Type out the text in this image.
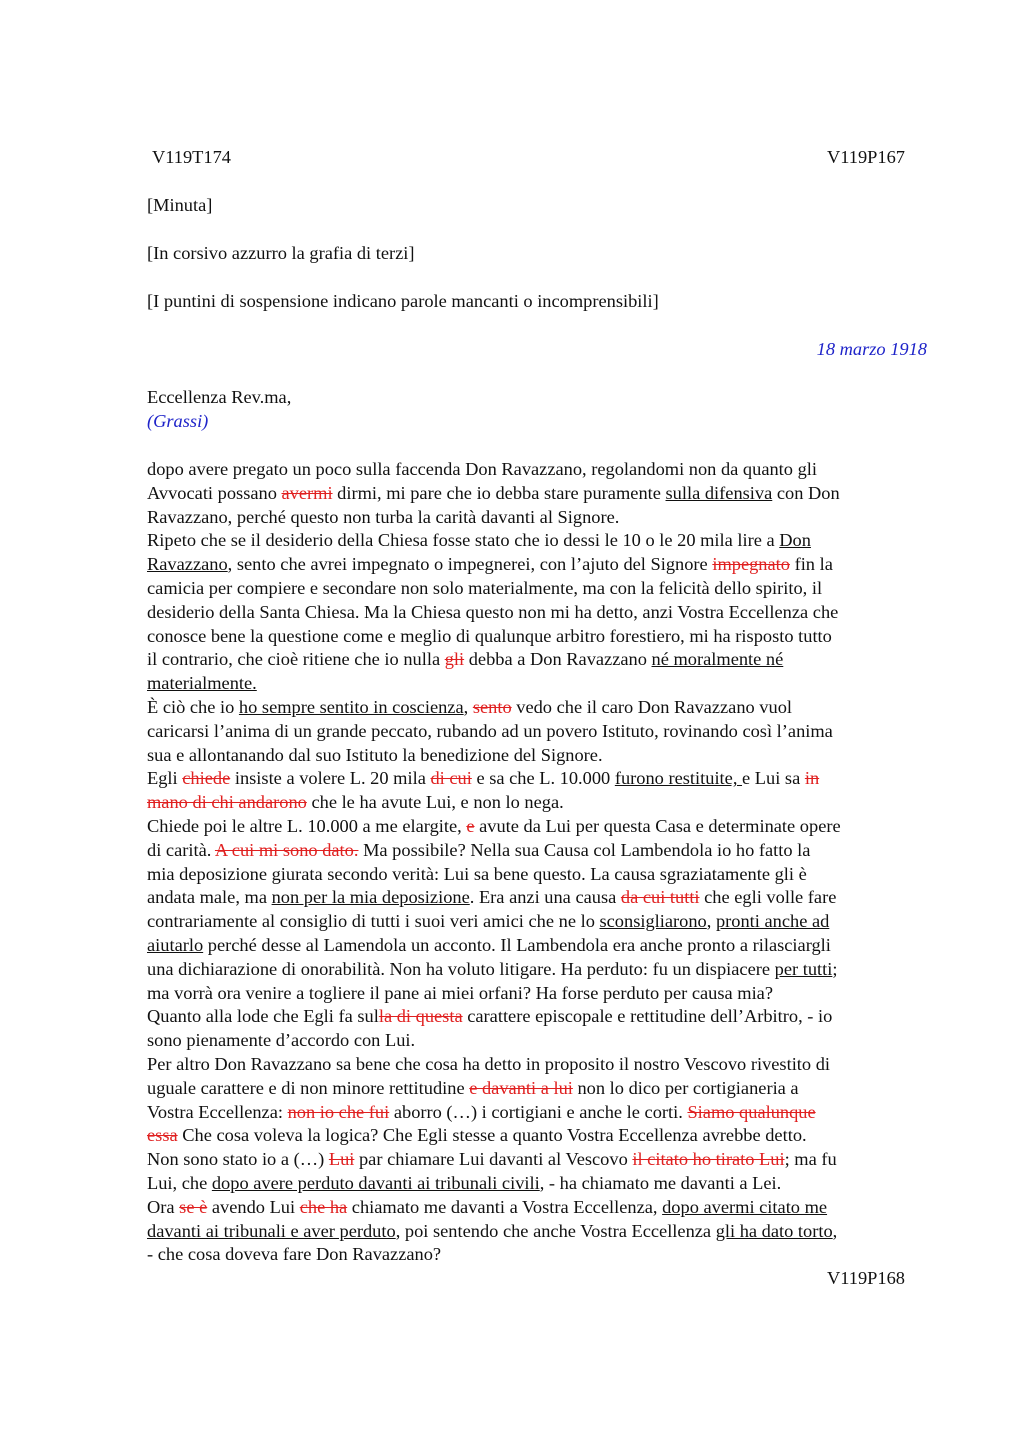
V119T174	V119P167
[Minuta]
[In corsivo azzurro la grafia di terzi]
[I puntini di sospensione indicano parole mancanti o incomprensibili]
18 marzo 1918
Eccellenza Rev.ma,
(Grassi)

dopo avere pregato un poco sulla faccenda Don Ravazzano, regolandomi non da quanto gli

Avvocati possano avermi dirmi, mi pare che io debba stare puramente sulla difensiva con Don

Ravazzano, perché questo non turba la carità davanti al Signore.

Ripeto che se il desiderio della Chiesa fosse stato che io dessi le 10 o le 20 mila lire a Don

Ravazzano, sento che avrei impegnato o impegnerei, con l’ajuto del Signore impegnato fin la

camicia per compiere e secondare non solo materialmente, ma con la felicità dello spirito, il

desiderio della Santa Chiesa. Ma la Chiesa questo non mi ha detto, anzi Vostra Eccellenza che

conosce bene la questione come e meglio di qualunque arbitro forestiero, mi ha risposto tutto

il contrario, che cioè ritiene che io nulla gli debba a Don Ravazzano né moralmente né

materialmente.

È ciò che io ho sempre sentito in coscienza, sento vedo che il caro Don Ravazzano vuol

caricarsi l’anima di un grande peccato, rubando ad un povero Istituto, rovinando così l’anima

sua e allontanando dal suo Istituto la benedizione del Signore.

Egli chiede insiste a volere L. 20 mila di cui e sa che L. 10.000 furono restituite, e Lui sa in

mano di chi andarono che le ha avute Lui, e non lo nega.

Chiede poi le altre L. 10.000 a me elargite, e avute da Lui per questa Casa e determinate opere

di carità. A cui mi sono dato. Ma possibile? Nella sua Causa col Lambendola io ho fatto la

mia deposizione giurata secondo verità: Lui sa bene questo. La causa sgraziatamente gli è

andata male, ma non per la mia deposizione. Era anzi una causa da cui tutti che egli volle fare

contrariamente al consiglio di tutti i suoi veri amici che ne lo sconsigliarono, pronti anche ad

aiutarlo perché desse al Lamendola un acconto. Il Lambendola era anche pronto a rilasciargli

una dichiarazione di onorabilità. Non ha voluto litigare. Ha perduto: fu un dispiacere per tutti;

ma vorrà ora venire a togliere il pane ai miei orfani? Ha forse perduto per causa mia?

Quanto alla lode che Egli fa sulla di questa carattere episcopale e rettitudine dell’Arbitro, - io

sono pienamente d’accordo con Lui.

Per altro Don Ravazzano sa bene che cosa ha detto in proposito il nostro Vescovo rivestito di

uguale carattere e di non minore rettitudine e davanti a lui non lo dico per cortigianeria a

Vostra Eccellenza: non io che fui aborro (…) i cortigiani e anche le corti. Siamo qualunque

essa Che cosa voleva la logica? Che Egli stesse a quanto Vostra Eccellenza avrebbe detto.

Non sono stato io a (…) Lui par chiamare Lui davanti al Vescovo il citato ho tirato Lui; ma fu

Lui, che dopo avere perduto davanti ai tribunali civili, - ha chiamato me davanti a Lei.

Ora se è avendo Lui che ha chiamato me davanti a Vostra Eccellenza, dopo avermi citato me

davanti ai tribunali e aver perduto, poi sentendo che anche Vostra Eccellenza gli ha dato torto,

- che cosa doveva fare Don Ravazzano?

V119P168
